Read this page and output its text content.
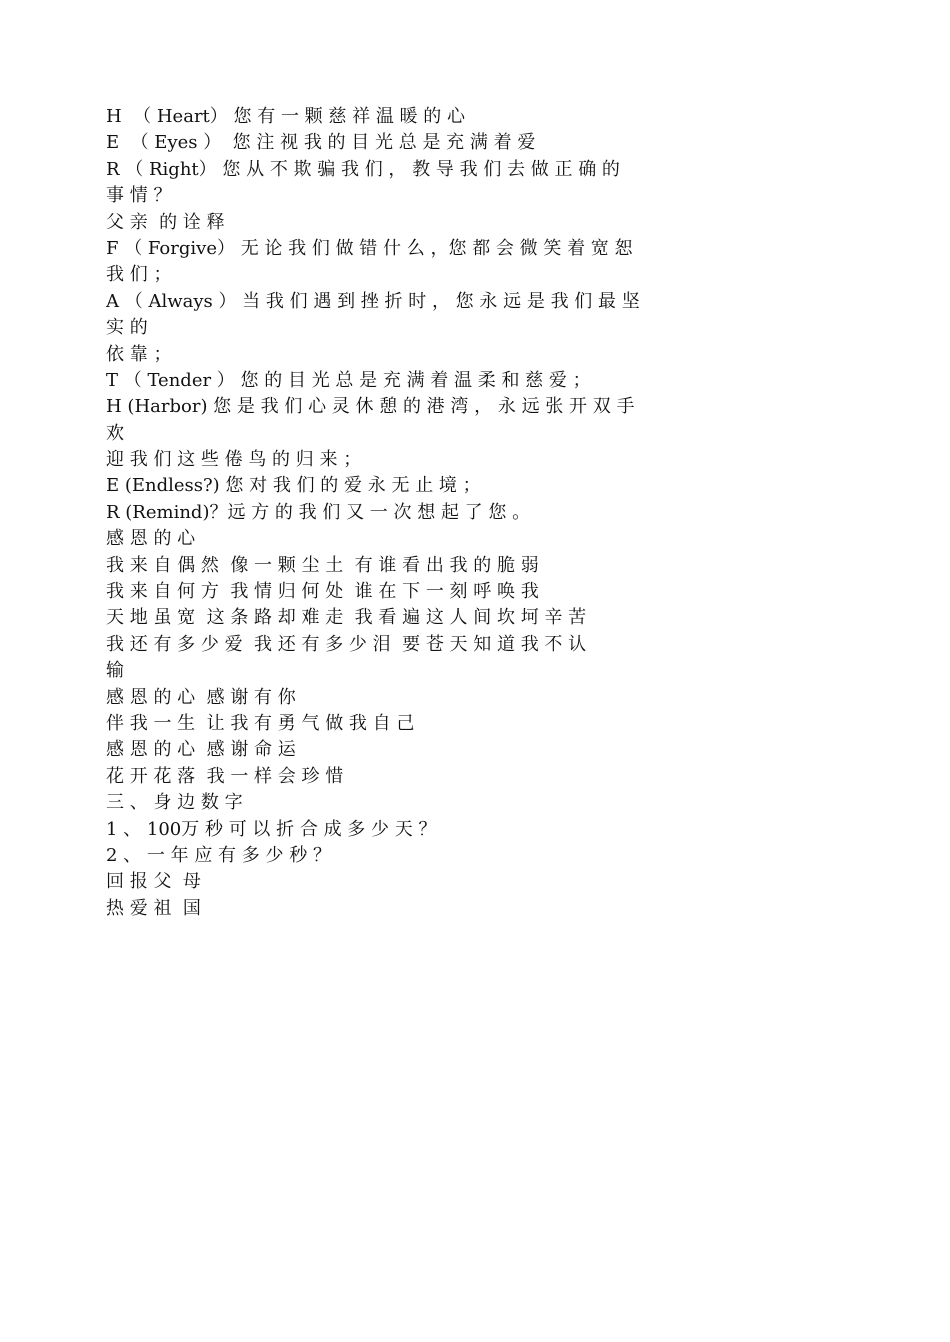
H  （ Heart） 您 有 一 颗 慈 祥 温 暖 的 心
E  （ Eyes ）  您 注 视 我 的 目 光 总 是 充 满 着 爱
R （ Right） 您 从 不 欺 骗 我 们 ， 教 导 我 们 去 做 正 确 的
事 情 ？
父 亲  的 诠 释
F （ Forgive） 无 论 我 们 做 错 什 么 ，您 都 会 微 笑 着 宽 恕
我 们 ；
A （ Always ） 当 我 们 遇 到 挫 折 时 ， 您 永 远 是 我 们 最 坚
实 的
依 靠 ；
T （ Tender ） 您 的 目 光 总 是 充 满 着 温 柔 和 慈 爱 ；
H (Harbor) 您 是 我 们 心 灵 休 憩 的 港 湾 ， 永 远 张 开 双 手
欢
迎 我 们 这 些 倦 鸟 的 归 来 ；
E (Endless?) 您 对 我 们 的 爱 永 无 止 境 ；
R (Remind)？远 方 的 我 们 又 一 次 想 起 了 您 。
感 恩 的 心
我 来 自 偶 然  像 一 颗 尘 土  有 谁 看 出 我 的 脆 弱
我 来 自 何 方  我 情 归 何 处  谁 在 下 一 刻 呼 唤 我
天 地 虽 宽  这 条 路 却 难 走  我 看 遍 这 人 间 坎 坷 辛 苦
我 还 有 多 少 爱  我 还 有 多 少 泪  要 苍 天 知 道 我 不 认
输
感 恩 的 心  感 谢 有 你
伴 我 一 生  让 我 有 勇 气 做 我 自 己
感 恩 的 心  感 谢 命 运
花 开 花 落  我 一 样 会 珍 惜
三 、 身 边 数 字
1 、 100万 秒 可 以 折 合 成 多 少 天 ？
2 、 一 年 应 有 多 少 秒 ？
回 报 父  母
热 爱 祖  国
